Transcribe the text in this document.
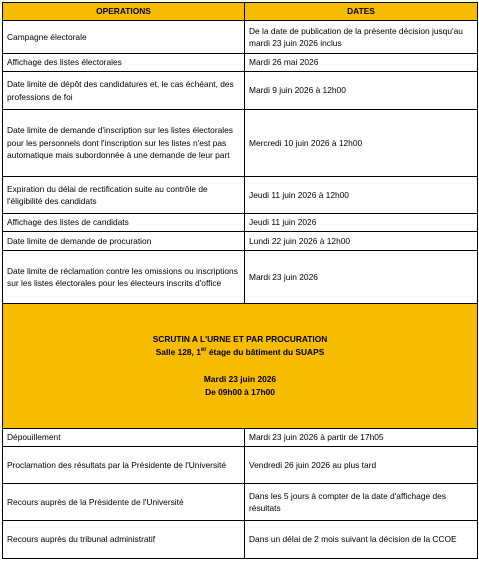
OPERATIONS	DATES
Campagne électorale	De la date de publication de la présente décision jusqu'au mardi 23 juin 2026 inclus
Affichage des listes électorales	Mardi 26 mai 2026
Date limite de dépôt des candidatures et, le cas échéant, des professions de foi	Mardi 9 juin 2026 à 12h00
Date limite de demande d'inscription sur les listes électorales pour les personnels dont l'inscription sur les listes n'est pas automatique mais subordonnée à une demande de leur part	Mercredi 10 juin 2026 à 12h00
Expiration du délai de rectification suite au contrôle de l'éligibilité des candidats	Jeudi 11 juin 2026 à 12h00
Affichage des listes de candidats	Jeudi 11 juin 2026
Date limite de demande de procuration	Lundi 22 juin 2026 à 12h00
Date limite de réclamation contre les omissions ou inscriptions sur les listes électorales pour les électeurs inscrits d'office	Mardi 23 juin 2026

SCRUTIN A L'URNE ET PAR PROCURATION
Salle 128, 1er étage du bâtiment du SUAPS
Mardi 23 juin 2026
De 09h00 à 17h00	

Dépouillement	Mardi 23 juin 2026 à partir de 17h05
Proclamation des résultats par la Présidente de l'Université	Vendredi 26 juin 2026 au plus tard
Recours auprès de la Présidente de l'Université	Dans les 5 jours à compter de la date d'affichage des résultats
Recours auprès du tribunal administratif	Dans un délai de 2 mois suivant la décision de la CCOE
